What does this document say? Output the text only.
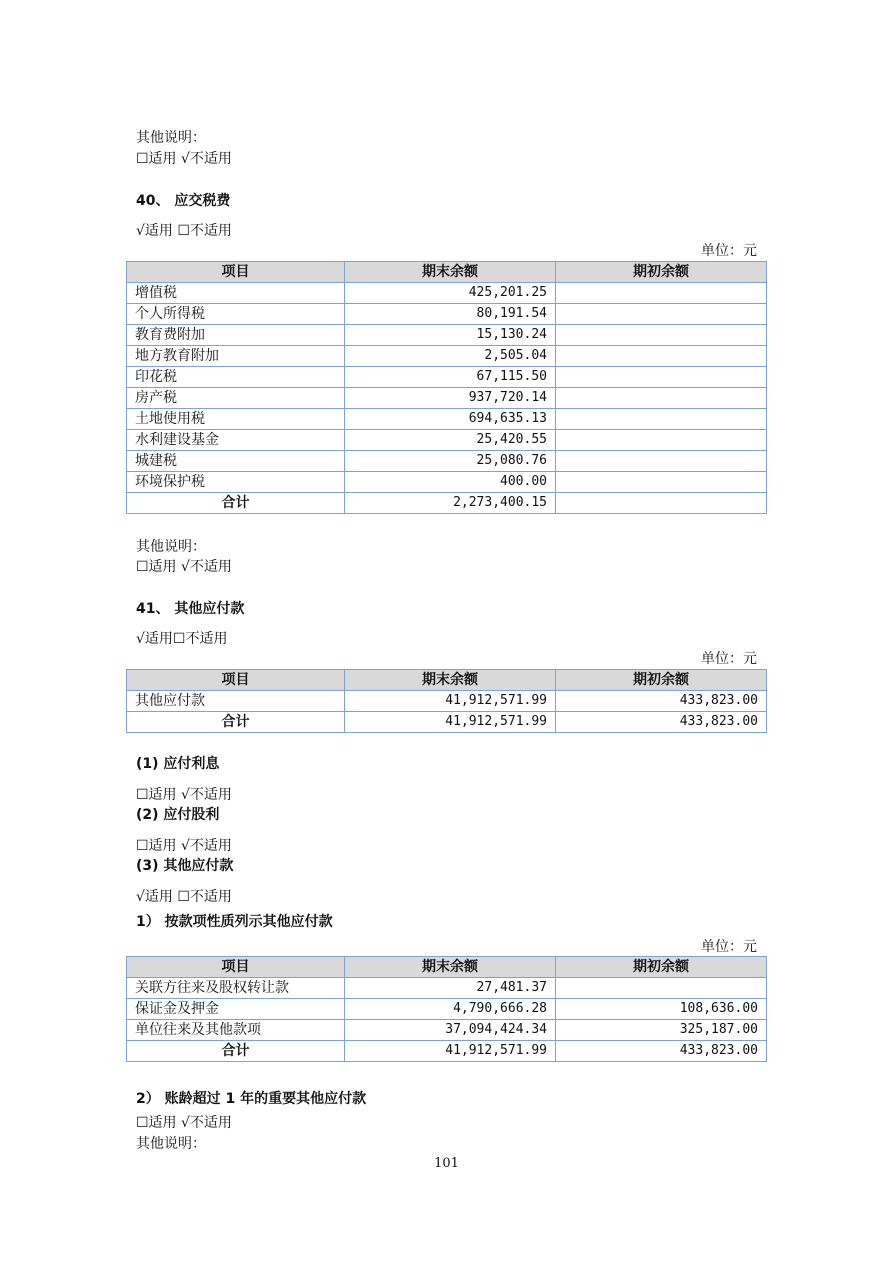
其他说明：
☐适用 √不适用
40、 应交税费
√适用 ☐不适用
单位：元
项目	期末余额	期初余额
增值税	425,201.25	
个人所得税	80,191.54	
教育费附加	15,130.24	
地方教育附加	2,505.04	
印花税	67,115.50	
房产税	937,720.14	
土地使用税	694,635.13	
水利建设基金	25,420.55	
城建税	25,080.76	
环境保护税	400.00	
合计	2,273,400.15	
其他说明：
☐适用 √不适用
41、 其他应付款
√适用☐不适用
单位：元
项目	期末余额	期初余额
其他应付款	41,912,571.99	433,823.00
合计	41,912,571.99	433,823.00
(1) 应付利息
☐适用 √不适用
(2) 应付股利
☐适用 √不适用
(3) 其他应付款
√适用 ☐不适用
1） 按款项性质列示其他应付款
单位：元
项目	期末余额	期初余额
关联方往来及股权转让款	27,481.37	
保证金及押金	4,790,666.28	108,636.00
单位往来及其他款项	37,094,424.34	325,187.00
合计	41,912,571.99	433,823.00
2） 账龄超过 1 年的重要其他应付款
☐适用 √不适用
其他说明：
101
